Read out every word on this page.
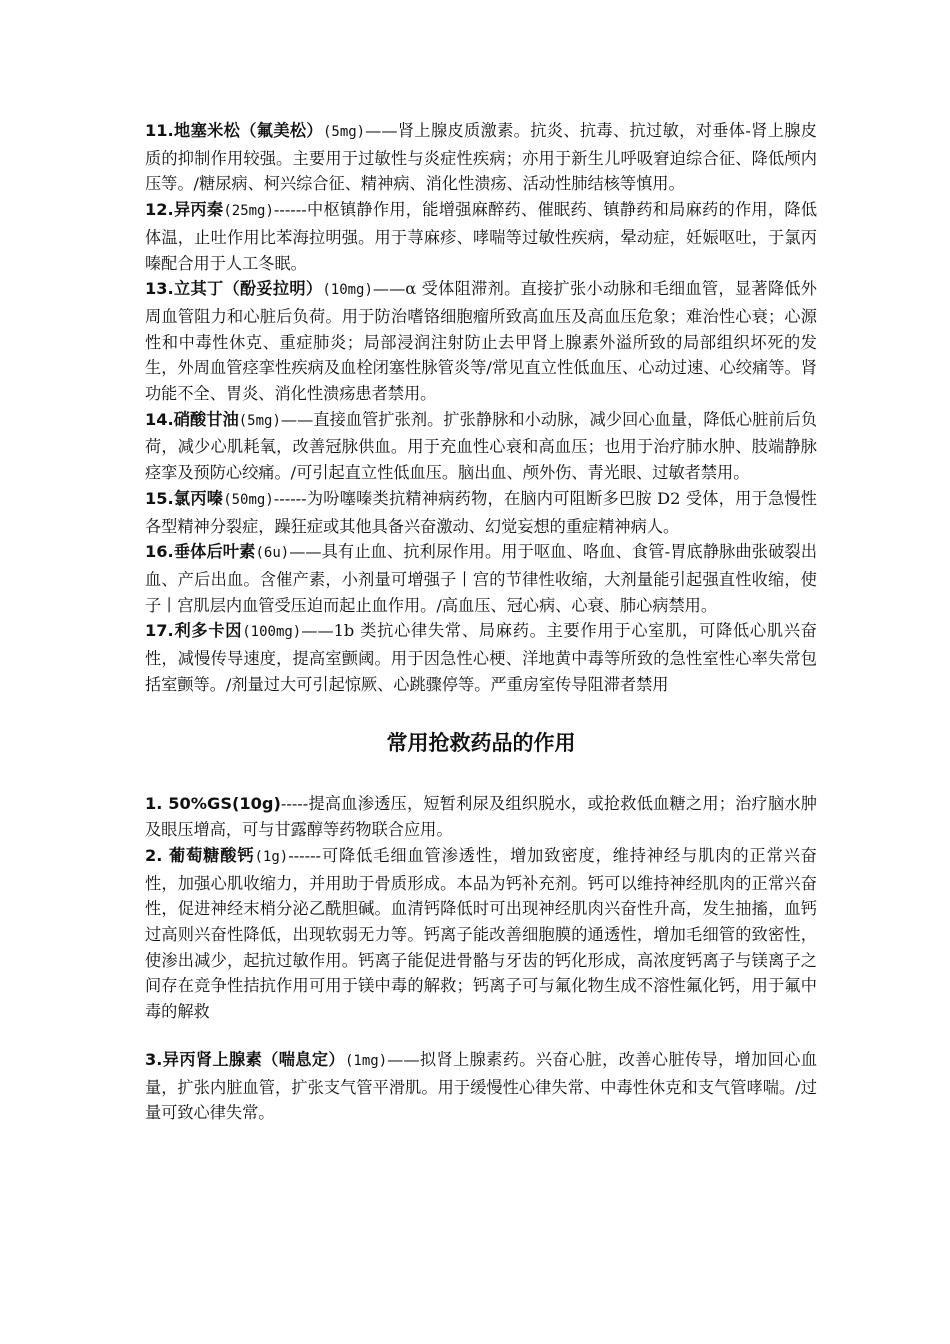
11.地塞米松（氟美松）(5mg)——肾上腺皮质激素。抗炎、抗毒、抗过敏，对垂体-肾上腺皮质的抑制作用较强。主要用于过敏性与炎症性疾病；亦用于新生儿呼吸窘迫综合征、降低颅内压等。/糖尿病、柯兴综合征、精神病、消化性溃疡、活动性肺结核等慎用。

12.异丙秦(25mg)------中枢镇静作用，能增强麻醉药、催眠药、镇静药和局麻药的作用，降低体温，止吐作用比苯海拉明强。用于荨麻疹、哮喘等过敏性疾病，晕动症，妊娠呕吐，于氯丙嗪配合用于人工冬眠。

13.立其丁（酚妥拉明）(10mg)——α 受体阻滞剂。直接扩张小动脉和毛细血管，显著降低外周血管阻力和心脏后负荷。用于防治嗜铬细胞瘤所致高血压及高血压危象；难治性心衰；心源性和中毒性休克、重症肺炎；局部浸润注射防止去甲肾上腺素外溢所致的局部组织坏死的发生，外周血管痉挛性疾病及血栓闭塞性脉管炎等/常见直立性低血压、心动过速、心绞痛等。肾功能不全、胃炎、消化性溃疡患者禁用。

14.硝酸甘油(5mg)——直接血管扩张剂。扩张静脉和小动脉，减少回心血量，降低心脏前后负荷，减少心肌耗氧，改善冠脉供血。用于充血性心衰和高血压；也用于治疗肺水肿、肢端静脉痉挛及预防心绞痛。/可引起直立性低血压。脑出血、颅外伤、青光眼、过敏者禁用。

15.氯丙嗪(50mg)------为吩噻嗪类抗精神病药物，在脑内可阻断多巴胺 D2 受体，用于急慢性各型精神分裂症，躁狂症或其他具备兴奋激动、幻觉妄想的重症精神病人。

16.垂体后叶素(6u)——具有止血、抗利尿作用。用于呕血、咯血、食管-胃底静脉曲张破裂出血、产后出血。含催产素，小剂量可增强子丨宫的节律性收缩，大剂量能引起强直性收缩，使子丨宫肌层内血管受压迫而起止血作用。/高血压、冠心病、心衰、肺心病禁用。

17.利多卡因(100mg)——1b 类抗心律失常、局麻药。主要作用于心室肌，可降低心肌兴奋性，减慢传导速度，提高室颤阈。用于因急性心梗、洋地黄中毒等所致的急性室性心率失常包括室颤等。/剂量过大可引起惊厥、心跳骤停等。严重房室传导阻滞者禁用

常用抢救药品的作用

1. 50%GS(10g)-----提高血渗透压，短暂利尿及组织脱水，或抢救低血糖之用；治疗脑水肿及眼压增高，可与甘露醇等药物联合应用。

2. 葡萄糖酸钙(1g)------可降低毛细血管渗透性，增加致密度，维持神经与肌肉的正常兴奋性，加强心肌收缩力，并用助于骨质形成。本品为钙补充剂。钙可以维持神经肌肉的正常兴奋性，促进神经末梢分泌乙酰胆碱。血清钙降低时可出现神经肌肉兴奋性升高，发生抽搐，血钙过高则兴奋性降低，出现软弱无力等。钙离子能改善细胞膜的通透性，增加毛细管的致密性，使渗出减少，起抗过敏作用。钙离子能促进骨骼与牙齿的钙化形成，高浓度钙离子与镁离子之间存在竞争性拮抗作用可用于镁中毒的解救；钙离子可与氟化物生成不溶性氟化钙，用于氟中毒的解救

3.异丙肾上腺素（喘息定）(1mg)——拟肾上腺素药。兴奋心脏，改善心脏传导，增加回心血量，扩张内脏血管，扩张支气管平滑肌。用于缓慢性心律失常、中毒性休克和支气管哮喘。/过量可致心律失常。
